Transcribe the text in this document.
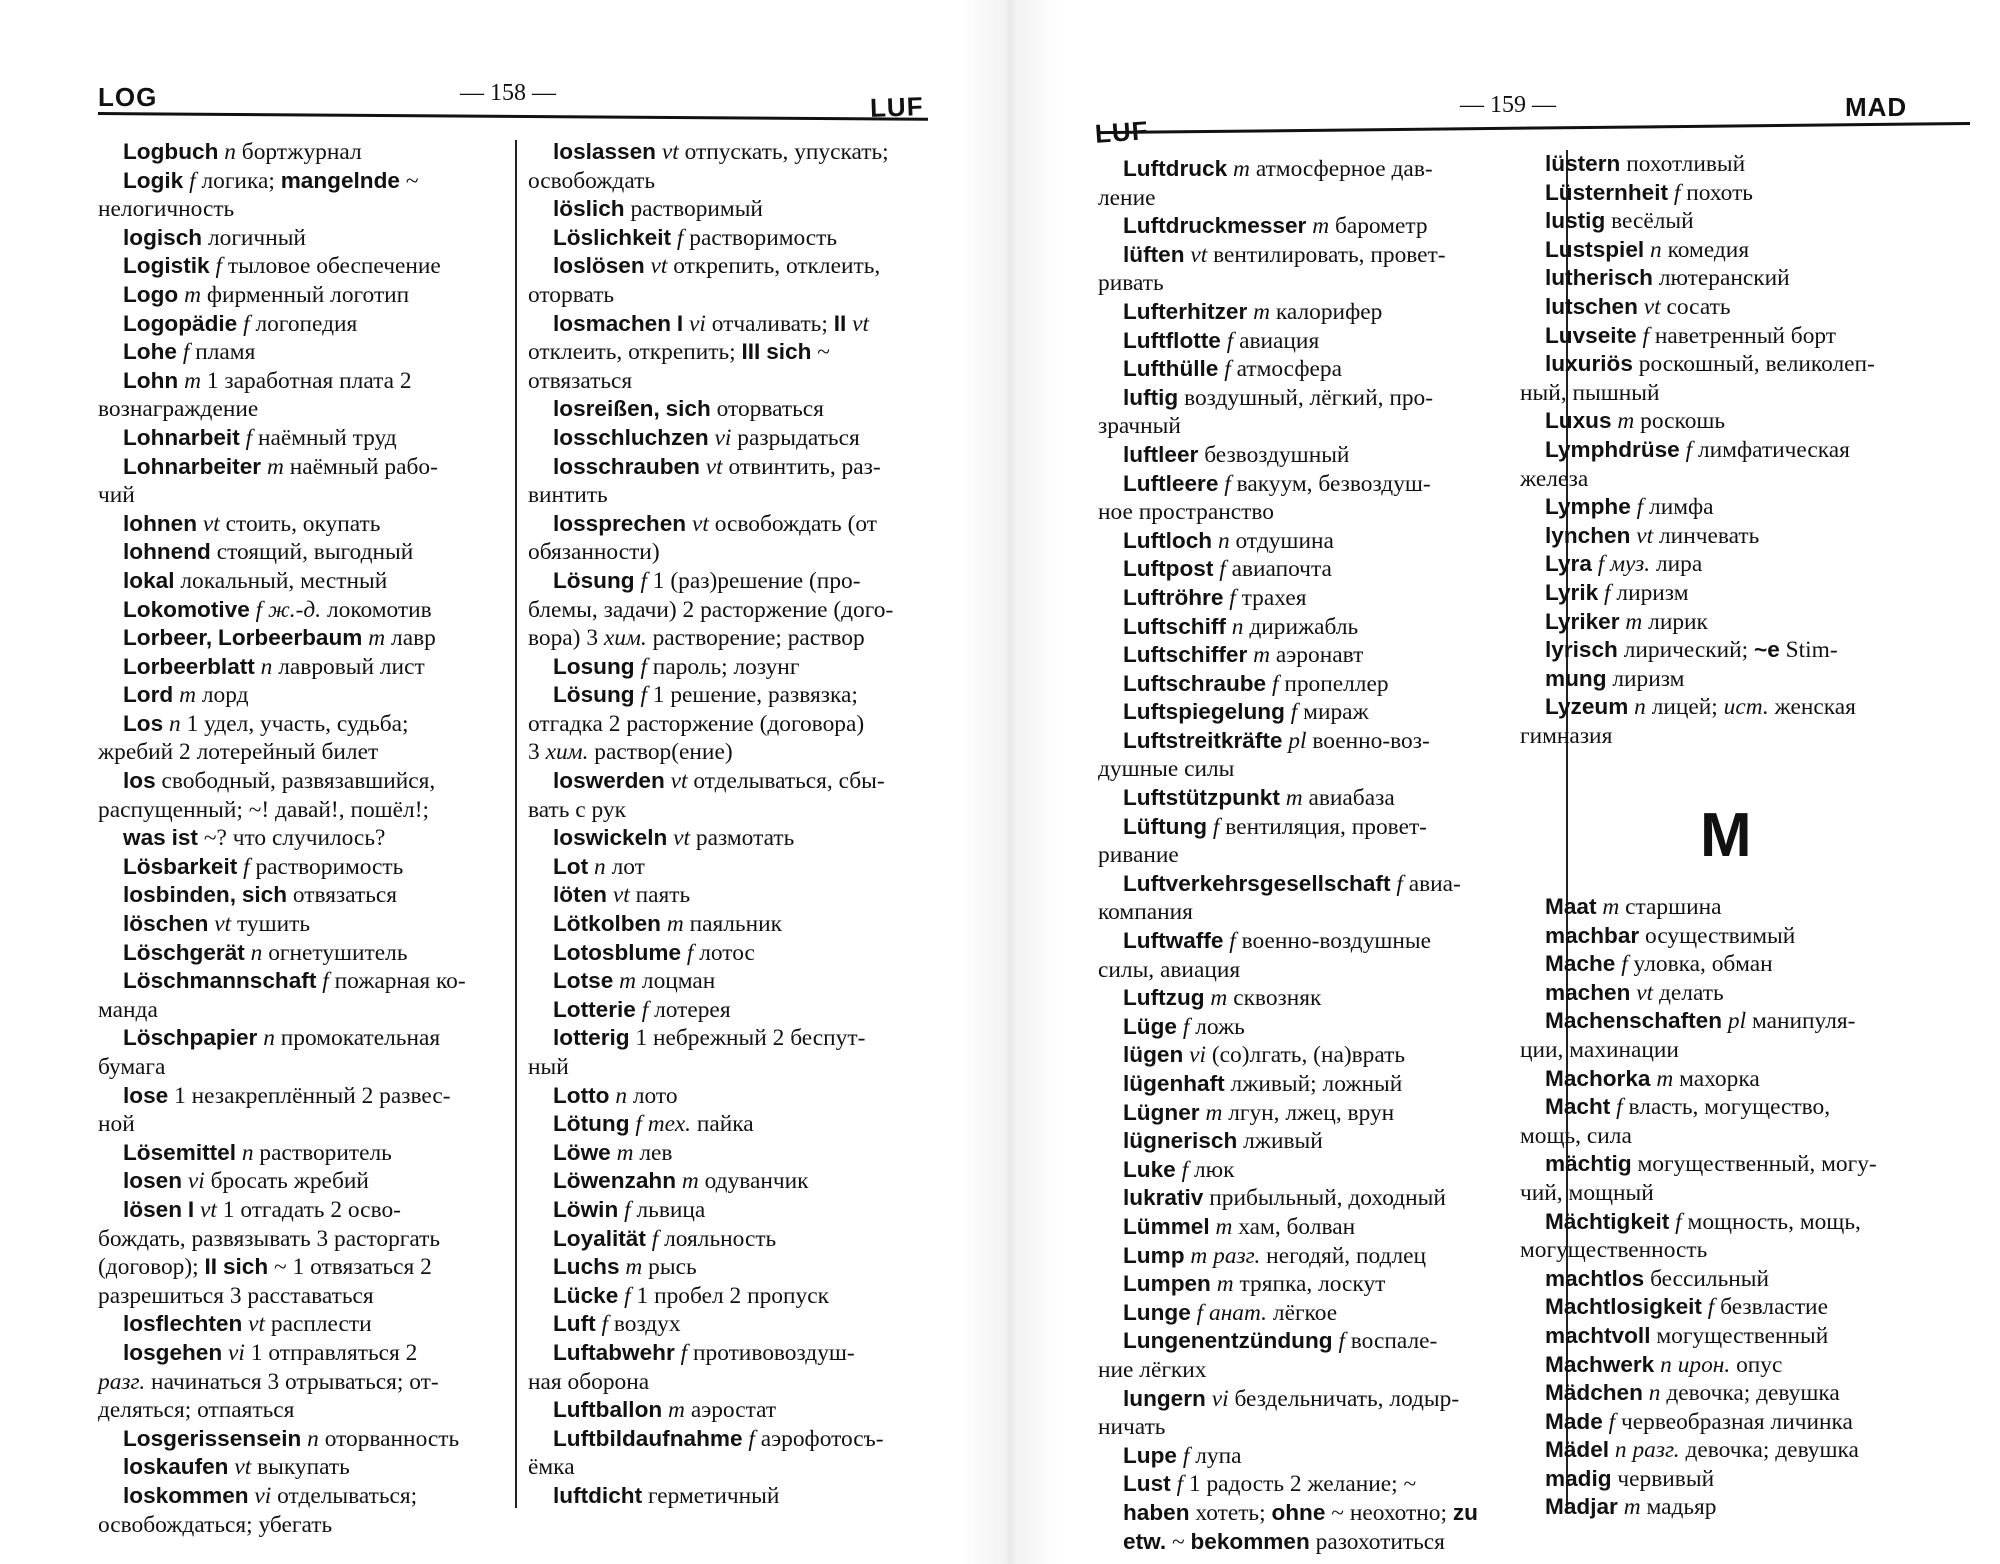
LOG	— 158 —	LUF

Logbuch n бортжурнал

Logik f логика; mangelnde ~

нелогичность

logisch логичный

Logistik f тыловое обеспечение

Logo m фирменный логотип

Logopädie f логопедия

Lohe f пламя

Lohn m 1 заработная плата 2

вознаграждение

Lohnarbeit f наёмный труд

Lohnarbeiter m наёмный рабо-

чий

lohnen vt стоить, окупать

lohnend стоящий, выгодный

lokal локальный, местный

Lokomotive f ж.-д. локомотив

Lorbeer, Lorbeerbaum m лавр

Lorbeerblatt n лавровый лист

Lord m лорд

Los n 1 удел, участь, судьба;

жребий 2 лотерейный билет

los свободный, развязавшийся,

распущенный; ~! давай!, пошёл!;

was ist ~? что случилось?

Lösbarkeit f растворимость

losbinden, sich отвязаться

löschen vt тушить

Löschgerät n огнетушитель

Löschmannschaft f пожарная ко-

манда

Löschpapier n промокательная

бумага

lose 1 незакреплённый 2 развес-

ной

Lösemittel n растворитель

losen vi бросать жребий

lösen I vt 1 отгадать 2 осво-

бождать, развязывать 3 расторгать

(договор); II sich ~ 1 отвязаться 2

разрешиться 3 расставаться

losflechten vt расплести

losgehen vi 1 отправляться 2

разг. начинаться 3 отрываться; от-

деляться; отпаяться

Losgerissensein n оторванность

loskaufen vt выкупать

loskommen vi отделываться;

освобождаться; убегать

loslassen vt отпускать, упускать;

освобождать

löslich растворимый

Löslichkeit f растворимость

loslösen vt открепить, отклеить,

оторвать

losmachen I vi отчаливать; II vt

отклеить, открепить; III sich ~

отвязаться

losreißen, sich оторваться

losschluchzen vi разрыдаться

losschrauben vt отвинтить, раз-

винтить

lossprechen vt освобождать (от

обязанности)

Lösung f 1 (раз)решение (про-

блемы, задачи) 2 расторжение (дого-

вора) 3 хим. растворение; раствор

Losung f пароль; лозунг

Lösung f 1 решение, развязка;

отгадка 2 расторжение (договора)

3 хим. раствор(ение)

loswerden vt отделываться, сбы-

вать с рук

loswickeln vt размотать

Lot n лот

löten vt паять

Lötkolben m паяльник

Lotosblume f лотос

Lotse m лоцман

Lotterie f лотерея

lotterig 1 небрежный 2 беспут-

ный

Lotto n лото

Lötung f тех. пайка

Löwe m лев

Löwenzahn m одуванчик

Löwin f львица

Loyalität f лояльность

Luchs m рысь

Lücke f 1 пробел 2 пропуск

Luft f воздух

Luftabwehr f противовоздуш-

ная оборона

Luftballon m аэростат

Luftbildaufnahme f аэрофотосъ-

ёмка

luftdicht герметичный

LUF
— 159 —	MAD

Luftdruck m атмосферное дав-

ление

Luftdruckmesser m барометр

lüften vt вентилировать, провет-

ривать

Lufterhitzer m калорифер

Luftflotte f авиация

Lufthülle f атмосфера

luftig воздушный, лёгкий, про-

зрачный

luftleer безвоздушный

Luftleere f вакуум, безвоздуш-

ное пространство

Luftloch n отдушина

Luftpost f авиапочта

Luftröhre f трахея

Luftschiff n дирижабль

Luftschiffer m аэронавт

Luftschraube f пропеллер

Luftspiegelung f мираж

Luftstreitkräfte pl военно-воз-

душные силы

Luftstützpunkt m авиабаза

Lüftung f вентиляция, провет-

ривание

Luftverkehrsgesellschaft f авиа-

компания

Luftwaffe f военно-воздушные

силы, авиация

Luftzug m сквозняк

Lüge f ложь

lügen vi (со)лгать, (на)врать

lügenhaft лживый; ложный

Lügner m лгун, лжец, врун

lügnerisch лживый

Luke f люк

lukrativ прибыльный, доходный

Lümmel m хам, болван

Lump m разг. негодяй, подлец

Lumpen m тряпка, лоскут

Lunge f анат. лёгкое

Lungenentzündung f воспале-

ние лёгких

lungern vi бездельничать, лодыр-

ничать

Lupe f лупа

Lust f 1 радость 2 желание; ~

haben хотеть; ohne ~ неохотно; zu

etw. ~ bekommen разохотиться

lüstern похотливый

Lüsternheit f похоть

lustig весёлый

Lustspiel n комедия

lutherisch лютеранский

lutschen vt сосать

Luvseite f наветренный борт

luxuriös роскошный, великолеп-

ный, пышный

Luxus m роскошь

Lymphdrüse f лимфатическая

железа

Lymphe f лимфа

lynchen vt линчевать

Lyra f муз. лира

Lyrik f лиризм

Lyriker m лирик

lyrisch лирический; ~e Stim-

mung лиризм

Lyzeum n лицей; ист. женская

гимназия

M

Maat m старшина

machbar осуществимый

Mache f уловка, обман

machen vt делать

Machenschaften pl манипуля-

ции, махинации

Machorka m махорка

Macht f власть, могущество,

мощь, сила

mächtig могущественный, могу-

чий, мощный

Mächtigkeit f мощность, мощь,

могущественность

machtlos бессильный

Machtlosigkeit f безвластие

machtvoll могущественный

Machwerk n ирон. опус

Mädchen n девочка; девушка

Made f червеобразная личинка

Mädel n разг. девочка; девушка

madig червивый

Madjar m мадьяр
